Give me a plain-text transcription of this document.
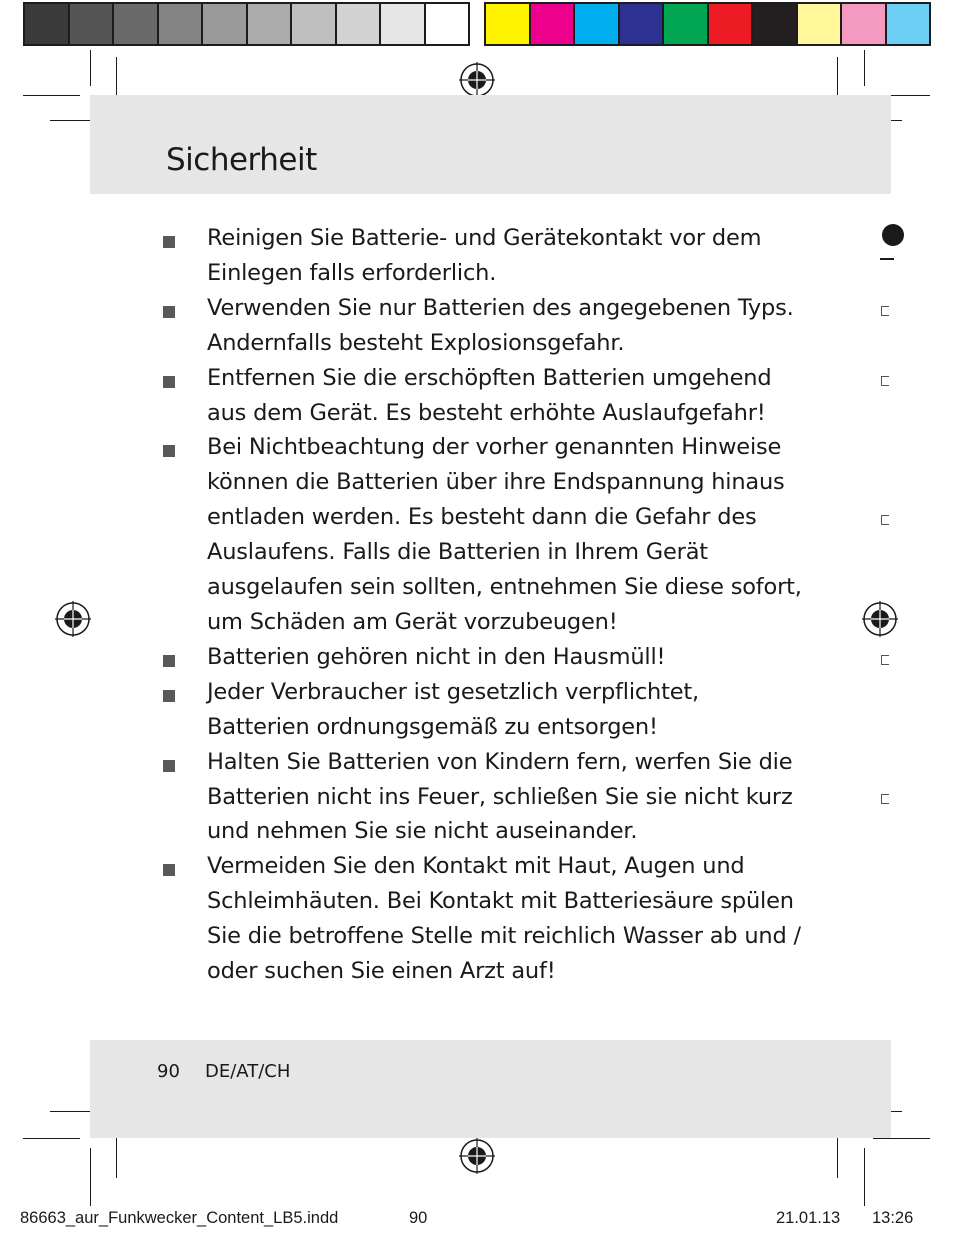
Sicherheit
Reinigen Sie Batterie- und Gerätekontakt vor dem Einlegen falls erforderlich.
Verwenden Sie nur Batterien des angegebenen Typs. Andernfalls besteht Explosionsgefahr.
Entfernen Sie die erschöpften Batterien umgehend aus dem Gerät. Es besteht erhöhte Auslaufgefahr!
Bei Nichtbeachtung der vorher genannten Hinweise können die Batterien über ihre Endspannung hinaus entladen werden. Es besteht dann die Gefahr des Auslaufens. Falls die Batterien in Ihrem Gerät ausgelaufen sein sollten, entnehmen Sie diese sofort, um Schäden am Gerät vorzubeugen!
Batterien gehören nicht in den Hausmüll!
Jeder Verbraucher ist gesetzlich verpflichtet, Batterien ordnungsgemäß zu entsorgen!
Halten Sie Batterien von Kindern fern, werfen Sie die Batterien nicht ins Feuer, schließen Sie sie nicht kurz und nehmen Sie sie nicht auseinander.
Vermeiden Sie den Kontakt mit Haut, Augen und Schleimhäuten. Bei Kontakt mit Batteriesäure spülen Sie die betroffene Stelle mit reichlich Wasser ab und / oder suchen Sie einen Arzt auf!
90 DE/AT/CH
86663_aur_Funkwecker_Content_LB5.indd	90	21.01.13 13:26
